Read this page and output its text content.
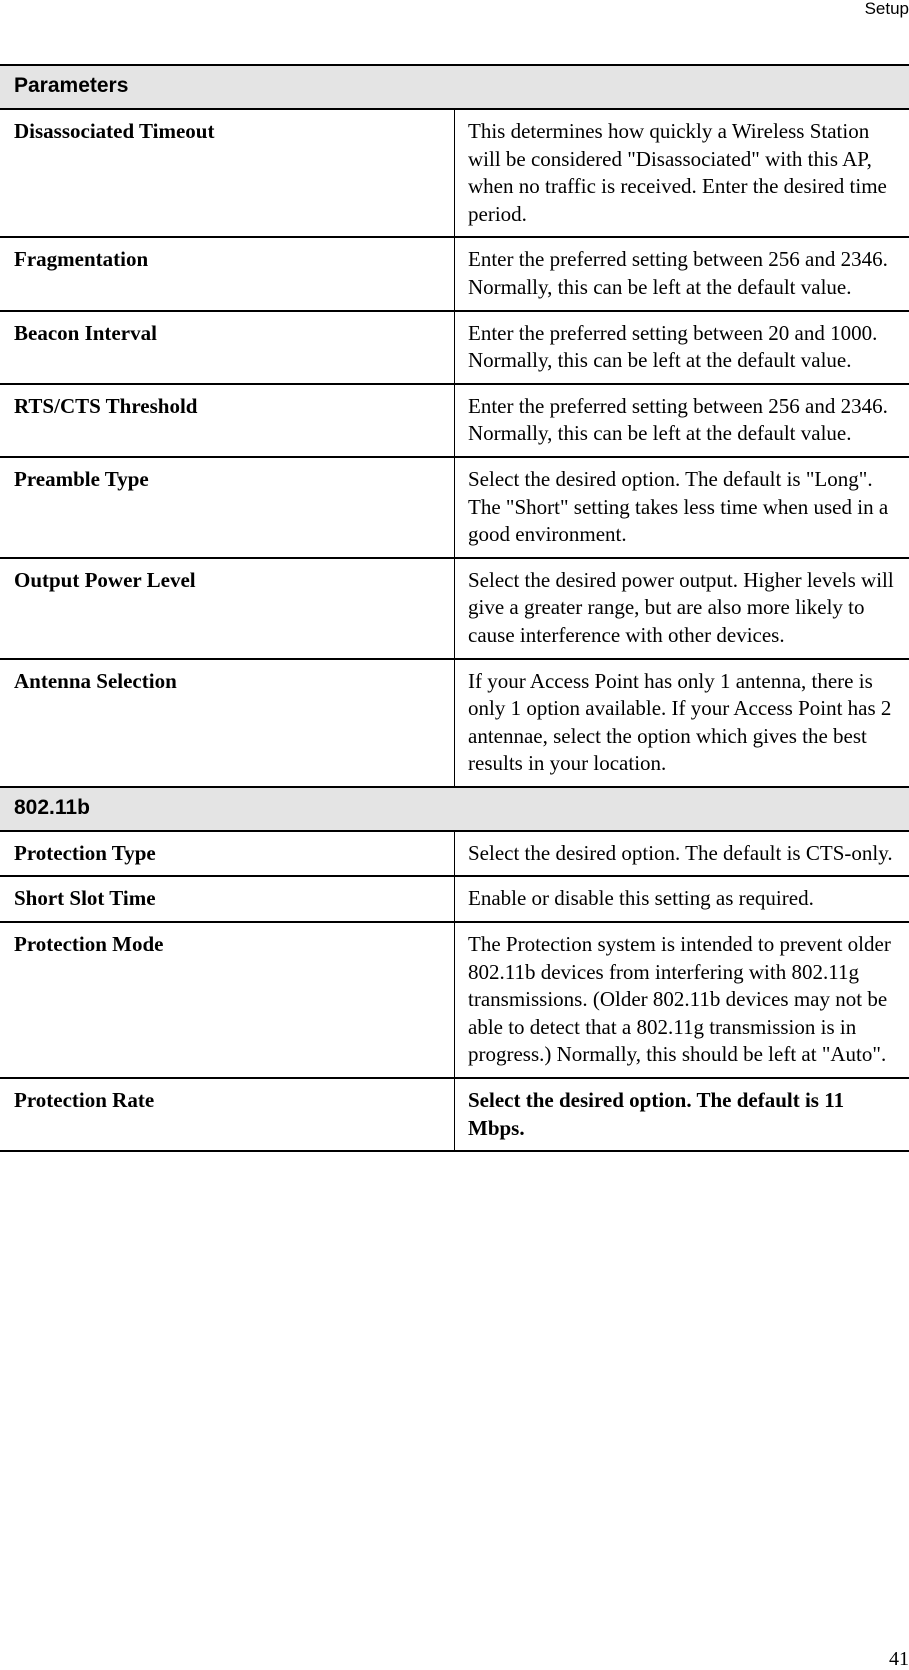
Setup
Parameters	
Disassociated Timeout	This determines how quickly a Wireless Station will be considered "Disassociated" with this AP, when no traffic is received. Enter the desired time period.
Fragmentation	Enter the preferred setting between 256 and 2346. Normally, this can be left at the default value.
Beacon Interval	Enter the preferred setting between 20 and 1000. Normally, this can be left at the default value.
RTS/CTS Threshold	Enter the preferred setting between 256 and 2346. Normally, this can be left at the default value.
Preamble Type	Select the desired option. The default is "Long". The "Short" setting takes less time when used in a good environment.
Output Power Level	Select the desired power output. Higher levels will give a greater range, but are also more likely to cause interference with other devices.
Antenna Selection	If your Access Point has only 1 antenna, there is only 1 option available. If your Access Point has 2 antennae, select the option which gives the best results in your location.
802.11b	
Protection Type	Select the desired option. The default is CTS-only.
Short Slot Time	Enable or disable this setting as required.
Protection Mode	The Protection system is intended to prevent older 802.11b devices from interfering with 802.11g transmissions. (Older 802.11b devices may not be able to detect that a 802.11g transmission is in progress.) Normally, this should be left at "Auto".
Protection Rate	Select the desired option. The default is 11 Mbps.
41
